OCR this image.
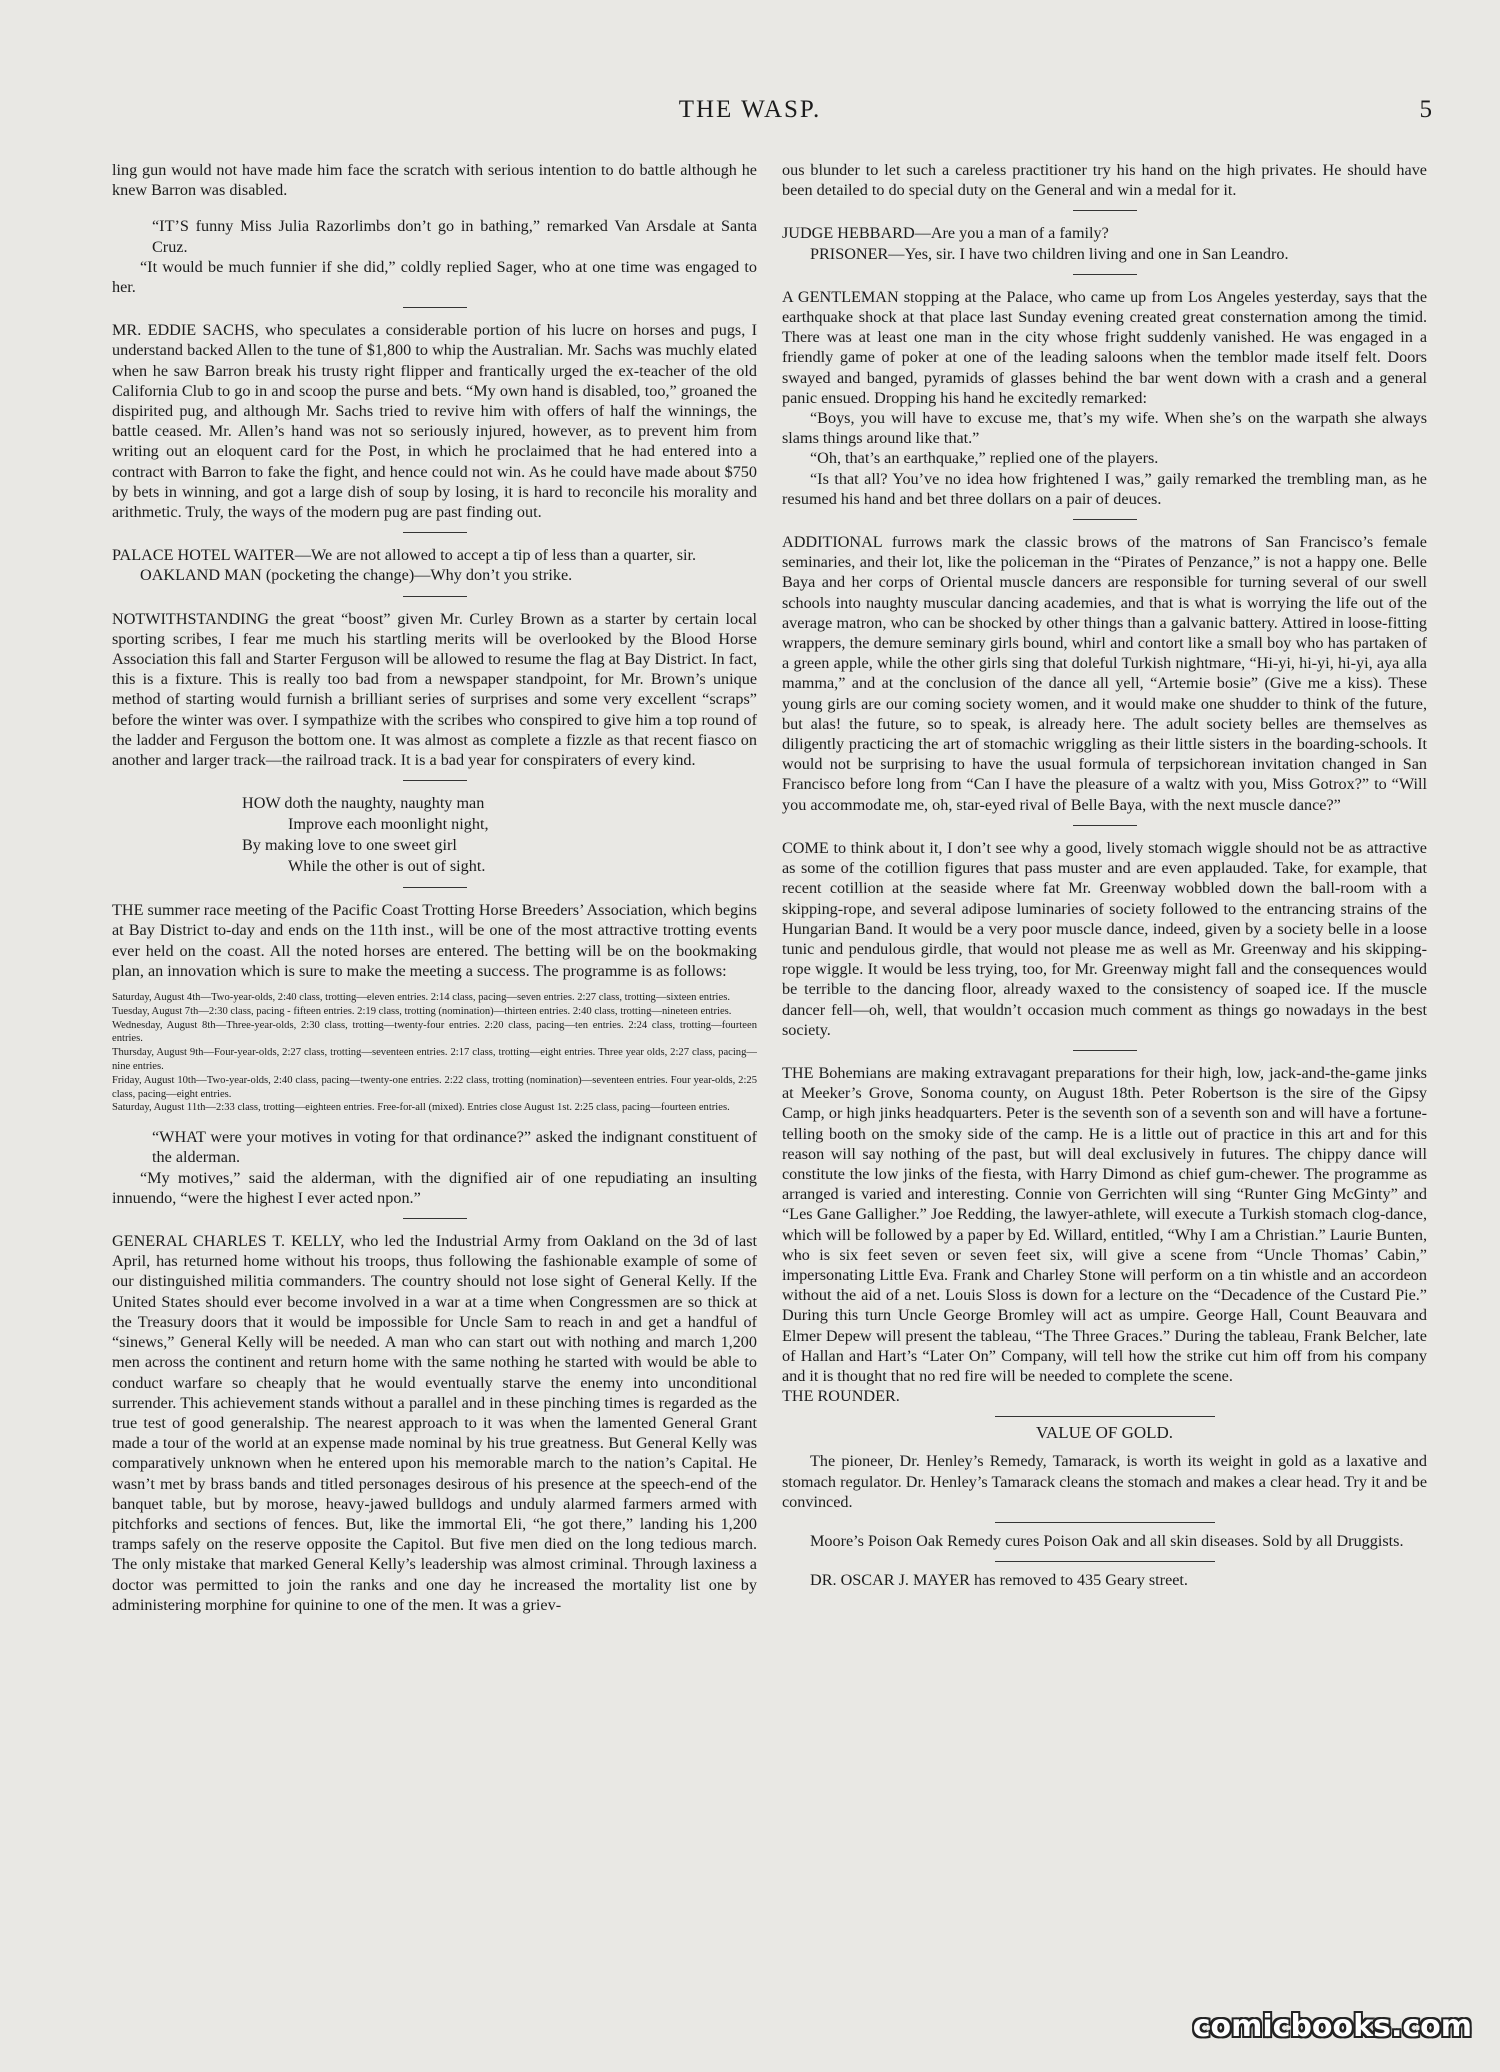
THE WASP.	5

ling gun would not have made him face the scratch with serious intention to do battle although he knew Barron was disabled.

“IT’S funny Miss Julia Razorlimbs don’t go in bathing,” remarked Van Arsdale at Santa Cruz.

“It would be much funnier if she did,” coldly replied Sager, who at one time was engaged to her.

MR. EDDIE SACHS, who speculates a considerable portion of his lucre on horses and pugs, I understand backed Allen to the tune of $1,800 to whip the Australian. Mr. Sachs was muchly elated when he saw Barron break his trusty right flipper and frantically urged the ex-teacher of the old California Club to go in and scoop the purse and bets. “My own hand is disabled, too,” groaned the dispirited pug, and although Mr. Sachs tried to revive him with offers of half the winnings, the battle ceased. Mr. Allen’s hand was not so seriously injured, however, as to prevent him from writing out an eloquent card for the Post, in which he proclaimed that he had entered into a contract with Barron to fake the fight, and hence could not win. As he could have made about $750 by bets in winning, and got a large dish of soup by losing, it is hard to reconcile his morality and arithmetic. Truly, the ways of the modern pug are past finding out.

PALACE HOTEL WAITER—We are not allowed to accept a tip of less than a quarter, sir.

OAKLAND MAN (pocketing the change)—Why don’t you strike.

NOTWITHSTANDING the great “boost” given Mr. Curley Brown as a starter by certain local sporting scribes, I fear me much his startling merits will be overlooked by the Blood Horse Association this fall and Starter Ferguson will be allowed to resume the flag at Bay District. In fact, this is a fixture. This is really too bad from a newspaper standpoint, for Mr. Brown’s unique method of starting would furnish a brilliant series of surprises and some very excellent “scraps” before the winter was over. I sympathize with the scribes who conspired to give him a top round of the ladder and Ferguson the bottom one. It was almost as complete a fizzle as that recent fiasco on another and larger track—the railroad track. It is a bad year for conspiraters of every kind.

HOW doth the naughty, naughty man

Improve each moonlight night,

By making love to one sweet girl

While the other is out of sight.

THE summer race meeting of the Pacific Coast Trotting Horse Breeders’ Association, which begins at Bay District to-day and ends on the 11th inst., will be one of the most attractive trotting events ever held on the coast. All the noted horses are entered. The betting will be on the bookmaking plan, an innovation which is sure to make the meeting a success. The programme is as follows:

Saturday, August 4th—Two-year-olds, 2:40 class, trotting—eleven entries. 2:14 class, pacing—seven entries. 2:27 class, trotting—sixteen entries.

Tuesday, August 7th—2:30 class, pacing - fifteen entries. 2:19 class, trotting (nomination)—thirteen entries. 2:40 class, trotting—nineteen entries.

Wednesday, August 8th—Three-year-olds, 2:30 class, trotting—twenty-four entries. 2:20 class, pacing—ten entries. 2:24 class, trotting—fourteen entries.

Thursday, August 9th—Four-year-olds, 2:27 class, trotting—seventeen entries. 2:17 class, trotting—eight entries. Three year olds, 2:27 class, pacing—nine entries.

Friday, August 10th—Two-year-olds, 2:40 class, pacing—twenty-one entries. 2:22 class, trotting (nomination)—seventeen entries. Four year-olds, 2:25 class, pacing—eight entries.

Saturday, August 11th—2:33 class, trotting—eighteen entries. Free-for-all (mixed). Entries close August 1st. 2:25 class, pacing—fourteen entries.

“WHAT were your motives in voting for that ordinance?” asked the indignant constituent of the alderman.

“My motives,” said the alderman, with the dignified air of one repudiating an insulting innuendo, “were the highest I ever acted npon.”

GENERAL CHARLES T. KELLY, who led the Industrial Army from Oakland on the 3d of last April, has returned home without his troops, thus following the fashionable example of some of our distinguished militia commanders. The country should not lose sight of General Kelly. If the United States should ever become involved in a war at a time when Congressmen are so thick at the Treasury doors that it would be impossible for Uncle Sam to reach in and get a handful of “sinews,” General Kelly will be needed. A man who can start out with nothing and march 1,200 men across the continent and return home with the same nothing he started with would be able to conduct warfare so cheaply that he would eventually starve the enemy into unconditional surrender. This achievement stands without a parallel and in these pinching times is regarded as the true test of good generalship. The nearest approach to it was when the lamented General Grant made a tour of the world at an expense made nominal by his true greatness. But General Kelly was comparatively unknown when he entered upon his memorable march to the nation’s Capital. He wasn’t met by brass bands and titled personages desirous of his presence at the speech-end of the banquet table, but by morose, heavy-jawed bulldogs and unduly alarmed farmers armed with pitchforks and sections of fences. But, like the immortal Eli, “he got there,” landing his 1,200 tramps safely on the reserve opposite the Capitol. But five men died on the long tedious march. The only mistake that marked General Kelly’s leadership was almost criminal. Through laxiness a doctor was permitted to join the ranks and one day he increased the mortality list one by administering morphine for quinine to one of the men. It was a griev-

ous blunder to let such a careless practitioner try his hand on the high privates. He should have been detailed to do special duty on the General and win a medal for it.

JUDGE HEBBARD—Are you a man of a family?

PRISONER—Yes, sir. I have two children living and one in San Leandro.

A GENTLEMAN stopping at the Palace, who came up from Los Angeles yesterday, says that the earthquake shock at that place last Sunday evening created great consternation among the timid. There was at least one man in the city whose fright suddenly vanished. He was engaged in a friendly game of poker at one of the leading saloons when the temblor made itself felt. Doors swayed and banged, pyramids of glasses behind the bar went down with a crash and a general panic ensued. Dropping his hand he excitedly remarked:

“Boys, you will have to excuse me, that’s my wife. When she’s on the warpath she always slams things around like that.”

“Oh, that’s an earthquake,” replied one of the players.

“Is that all? You’ve no idea how frightened I was,” gaily remarked the trembling man, as he resumed his hand and bet three dollars on a pair of deuces.

ADDITIONAL furrows mark the classic brows of the matrons of San Francisco’s female seminaries, and their lot, like the policeman in the “Pirates of Penzance,” is not a happy one. Belle Baya and her corps of Oriental muscle dancers are responsible for turning several of our swell schools into naughty muscular dancing academies, and that is what is worrying the life out of the average matron, who can be shocked by other things than a galvanic battery. Attired in loose-fitting wrappers, the demure seminary girls bound, whirl and contort like a small boy who has partaken of a green apple, while the other girls sing that doleful Turkish nightmare, “Hi-yi, hi-yi, hi-yi, aya alla mamma,” and at the conclusion of the dance all yell, “Artemie bosie” (Give me a kiss). These young girls are our coming society women, and it would make one shudder to think of the future, but alas! the future, so to speak, is already here. The adult society belles are themselves as diligently practicing the art of stomachic wriggling as their little sisters in the boarding-schools. It would not be surprising to have the usual formula of terpsichorean invitation changed in San Francisco before long from “Can I have the pleasure of a waltz with you, Miss Gotrox?” to “Will you accommodate me, oh, star-eyed rival of Belle Baya, with the next muscle dance?”

COME to think about it, I don’t see why a good, lively stomach wiggle should not be as attractive as some of the cotillion figures that pass muster and are even applauded. Take, for example, that recent cotillion at the seaside where fat Mr. Greenway wobbled down the ball-room with a skipping-rope, and several adipose luminaries of society followed to the entrancing strains of the Hungarian Band. It would be a very poor muscle dance, indeed, given by a society belle in a loose tunic and pendulous girdle, that would not please me as well as Mr. Greenway and his skipping-rope wiggle. It would be less trying, too, for Mr. Greenway might fall and the consequences would be terrible to the dancing floor, already waxed to the consistency of soaped ice. If the muscle dancer fell—oh, well, that wouldn’t occasion much comment as things go nowadays in the best society.

THE Bohemians are making extravagant preparations for their high, low, jack-and-the-game jinks at Meeker’s Grove, Sonoma county, on August 18th. Peter Robertson is the sire of the Gipsy Camp, or high jinks headquarters. Peter is the seventh son of a seventh son and will have a fortune-telling booth on the smoky side of the camp. He is a little out of practice in this art and for this reason will say nothing of the past, but will deal exclusively in futures. The chippy dance will constitute the low jinks of the fiesta, with Harry Dimond as chief gum-chewer. The programme as arranged is varied and interesting. Connie von Gerrichten will sing “Runter Ging McGinty” and “Les Gane Galligher.” Joe Redding, the lawyer-athlete, will execute a Turkish stomach clog-dance, which will be followed by a paper by Ed. Willard, entitled, “Why I am a Christian.” Laurie Bunten, who is six feet seven or seven feet six, will give a scene from “Uncle Thomas’ Cabin,” impersonating Little Eva. Frank and Charley Stone will perform on a tin whistle and an accordeon without the aid of a net. Louis Sloss is down for a lecture on the “Decadence of the Custard Pie.” During this turn Uncle George Bromley will act as umpire. George Hall, Count Beauvara and Elmer Depew will present the tableau, “The Three Graces.” During the tableau, Frank Belcher, late of Hallan and Hart’s “Later On” Company, will tell how the strike cut him off from his company and it is thought that no red fire will be needed to complete the scene.

THE ROUNDER.

VALUE OF GOLD.

The pioneer, Dr. Henley’s Remedy, Tamarack, is worth its weight in gold as a laxative and stomach regulator. Dr. Henley’s Tamarack cleans the stomach and makes a clear head. Try it and be convinced.

Moore’s Poison Oak Remedy cures Poison Oak and all skin diseases. Sold by all Druggists.

DR. OSCAR J. MAYER has removed to 435 Geary street.

comicbooks.com
